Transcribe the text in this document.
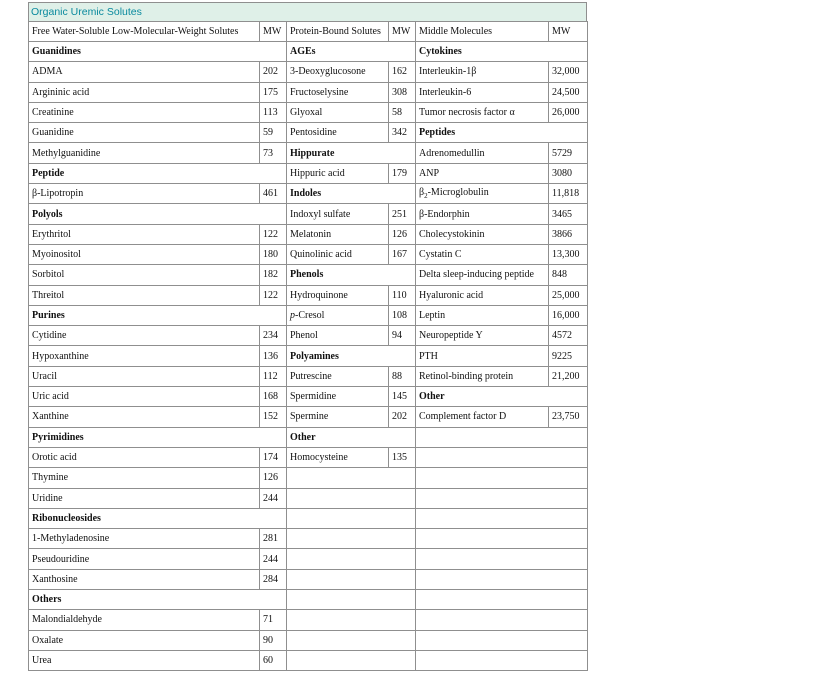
Organic Uremic Solutes
Free Water-Soluble Low-Molecular-Weight Solutes	MW	Protein-Bound Solutes	MW	Middle Molecules	MW
Guanidines		AGEs		Cytokines	
ADMA	202	3-Deoxyglucosone	162	Interleukin-1β	32,000
Argininic acid	175	Fructoselysine	308	Interleukin-6	24,500
Creatinine	113	Glyoxal	58	Tumor necrosis factor α	26,000
Guanidine	59	Pentosidine	342	Peptides	
Methylguanidine	73	Hippurate		Adrenomedullin	5729
Peptide		Hippuric acid	179	ANP	3080
β-Lipotropin	461	Indoles		$\beta_2$-Microglobulin	11,818
Polyols		Indoxyl sulfate	251	β-Endorphin	3465
Erythritol	122	Melatonin	126	Cholecystokinin	3866
Myoinositol	180	Quinolinic acid	167	Cystatin C	13,300
Sorbitol	182	Phenols		Delta sleep-inducing peptide	848
Threitol	122	Hydroquinone	110	Hyaluronic acid	25,000
Purines		p-Cresol	108	Leptin	16,000
Cytidine	234	Phenol	94	Neuropeptide Y	4572
Hypoxanthine	136	Polyamines		PTH	9225
Uracil	112	Putrescine	88	Retinol-binding protein	21,200
Uric acid	168	Spermidine	145	Other	
Xanthine	152	Spermine	202	Complement factor D	23,750
Pyrimidines		Other			
Orotic acid	174	Homocysteine	135		
Thymine	126				
Uridine	244				
Ribonucleosides					
1-Methyladenosine	281				
Pseudouridine	244				
Xanthosine	284				
Others					
Malondialdehyde	71				
Oxalate	90				
Urea	60				
